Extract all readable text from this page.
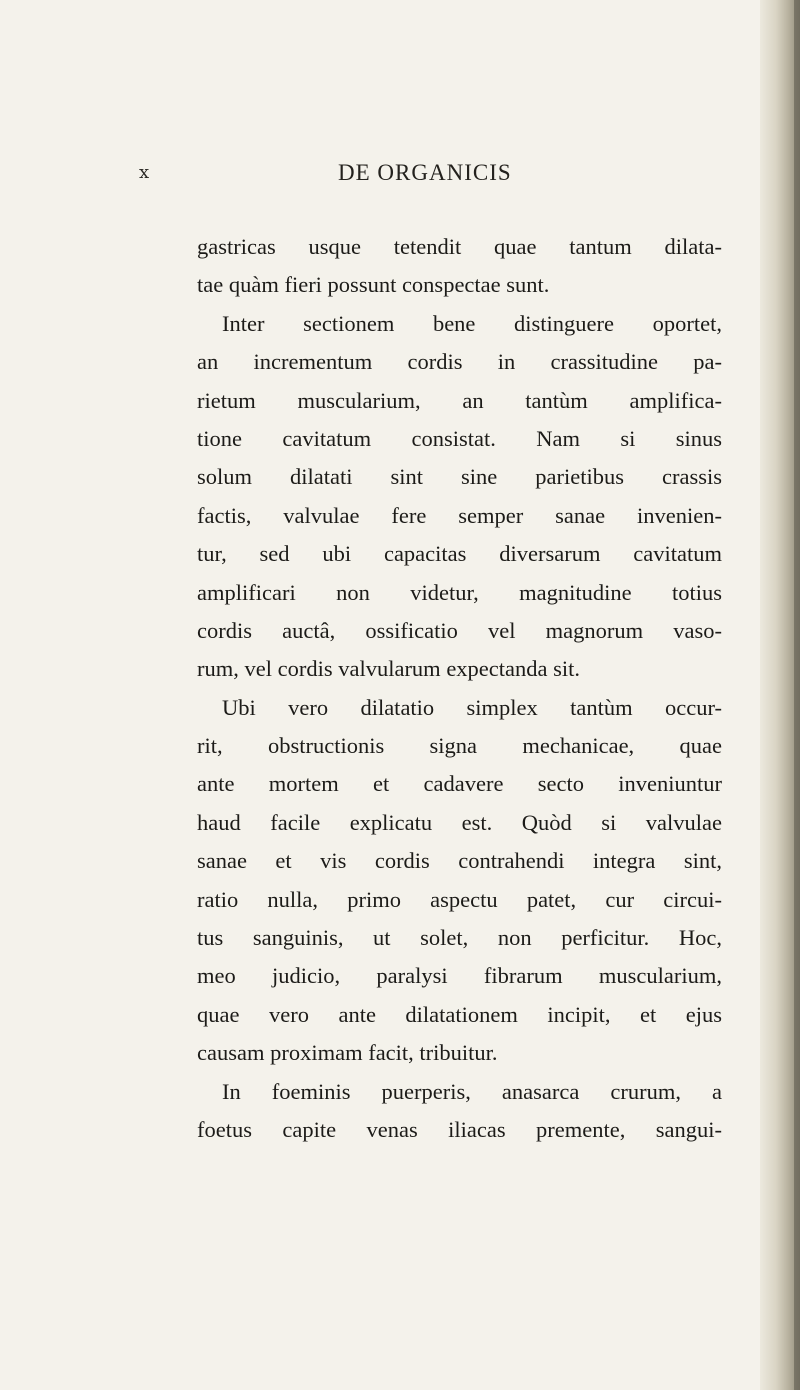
x	DE ORGANICIS
gastricas usque tetendit quae tantum dilata-
tae quàm fieri possunt conspectae sunt.
Inter sectionem bene distinguere oportet,
an incrementum cordis in crassitudine pa-
rietum muscularium, an tantùm amplifica-
tione cavitatum consistat. Nam si sinus
solum dilatati sint sine parietibus crassis
factis, valvulae fere semper sanae invenien-
tur, sed ubi capacitas diversarum cavitatum
amplificari non videtur, magnitudine totius
cordis auctâ, ossificatio vel magnorum vaso-
rum, vel cordis valvularum expectanda sit.
Ubi vero dilatatio simplex tantùm occur-
rit, obstructionis signa mechanicae, quae
ante mortem et cadavere secto inveniuntur
haud facile explicatu est. Quòd si valvulae
sanae et vis cordis contrahendi integra sint,
ratio nulla, primo aspectu patet, cur circui-
tus sanguinis, ut solet, non perficitur. Hoc,
meo judicio, paralysi fibrarum muscularium,
quae vero ante dilatationem incipit, et ejus
causam proximam facit, tribuitur.
In foeminis puerperis, anasarca crurum, a
foetus capite venas iliacas premente, sangui-
